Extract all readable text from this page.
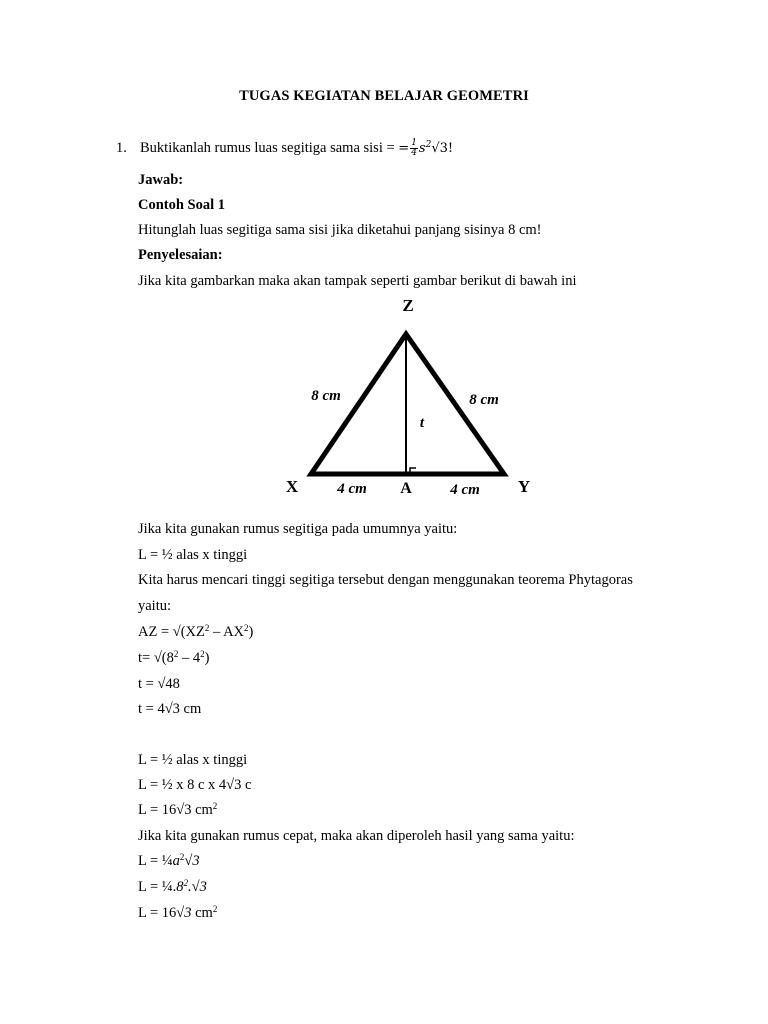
TUGAS KEGIATAN BELAJAR GEOMETRI
1. Buktikanlah rumus luas segitiga sama sisi = = $\frac{1}{4} s^2√3$!
Jawab:
Contoh Soal 1
Hitunglah luas segitiga sama sisi jika diketahui panjang sisinya 8 cm!
Penyelesaian:
Jika kita gambarkan maka akan tampak seperti gambar berikut di bawah ini
Z
X	Y
A
8 cm	8 cm
t
4 cm	4 cm
Jika kita gunakan rumus segitiga pada umumnya yaitu:
L = ½ alas x tinggi
Kita harus mencari tinggi segitiga tersebut dengan menggunakan teorema Phytagoras
yaitu:
AZ = $√(XZ^2 - AX^2)$
$t= √(8^2 - 4^2)$
t = √48
t = 4√3 cm
L = ½ alas x tinggi
L = ½ x 8 c x 4√3 c
L = 16√3 $cm^2$
Jika kita gunakan rumus cepat, maka akan diperoleh hasil yang sama yaitu:
$L = \frac{1}{4}a^2√3$
$L = \frac{1}{4}.8^2.√3$
L = 16√3 $cm^2$
